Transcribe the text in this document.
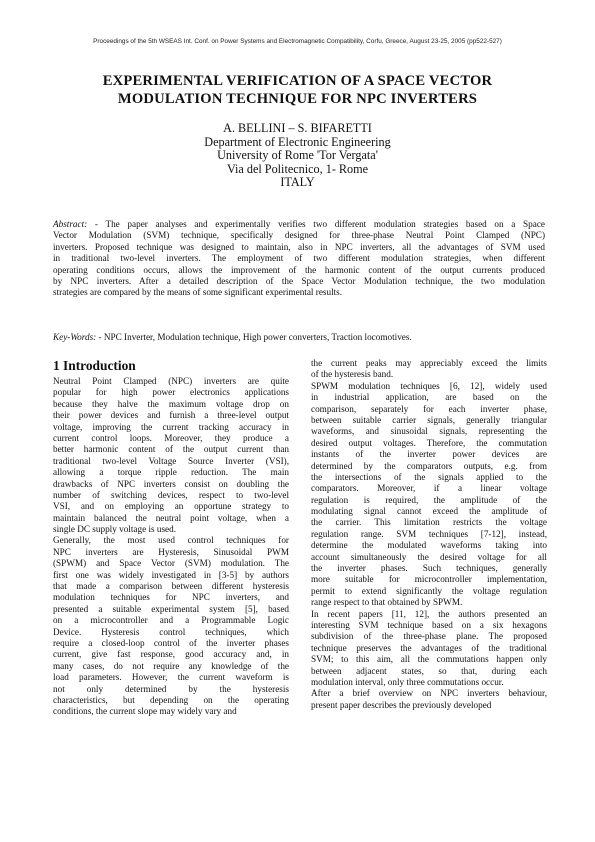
Proceedings of the 5th WSEAS Int. Conf. on Power Systems and Electromagnetic Compatibility, Corfu, Greece, August 23-25, 2005 (pp522-527)
EXPERIMENTAL VERIFICATION OF A SPACE VECTOR
MODULATION TECHNIQUE FOR NPC INVERTERS
A. BELLINI – S. BIFARETTI
Department of Electronic Engineering
University of Rome 'Tor Vergata'
Via del Politecnico, 1- Rome
ITALY
Abstract: - The paper analyses and experimentally verifies two different modulation strategies based on a Space
Vector Modulation (SVM) technique, specifically designed for three-phase Neutral Point Clamped (NPC)
inverters. Proposed technique was designed to maintain, also in NPC inverters, all the advantages of SVM used
in traditional two-level inverters. The employment of two different modulation strategies, when different
operating conditions occurs, allows the improvement of the harmonic content of the output currents produced
by NPC inverters. After a detailed description of the Space Vector Modulation technique, the two modulation
strategies are compared by the means of some significant experimental results.
Key-Words: - NPC Inverter, Modulation technique, High power converters, Traction locomotives.
1 Introduction
Neutral Point Clamped (NPC) inverters are quite
popular for high power electronics applications
because they halve the maximum voltage drop on
their power devices and furnish a three-level output
voltage, improving the current tracking accuracy in
current control loops. Moreover, they produce a
better harmonic content of the output current than
traditional two-level Voltage Source Inverter (VSI),
allowing a torque ripple reduction. The main
drawbacks of NPC inverters consist on doubling the
number of switching devices, respect to two-level
VSI, and on employing an opportune strategy to
maintain balanced the neutral point voltage, when a
single DC supply voltage is used.
Generally, the most used control techniques for
NPC inverters are Hysteresis, Sinusoidal PWM
(SPWM) and Space Vector (SVM) modulation. The
first one was widely investigated in [3-5] by authors
that made a comparison between different hysteresis
modulation techniques for NPC inverters, and
presented a suitable experimental system [5], based
on a microcontroller and a Programmable Logic
Device. Hysteresis control techniques, which
require a closed-loop control of the inverter phases
current, give fast response, good accuracy and, in
many cases, do not require any knowledge of the
load parameters. However, the current waveform is
not only determined by the hysteresis
characteristics, but depending on the operating
conditions, the current slope may widely vary and
the current peaks may appreciably exceed the limits
of the hysteresis band.
SPWM modulation techniques [6, 12], widely used
in industrial application, are based on the
comparison, separately for each inverter phase,
between suitable carrier signals, generally triangular
waveforms, and sinusoidal signals, representing the
desired output voltages. Therefore, the commutation
instants of the inverter power devices are
determined by the comparators outputs, e.g. from
the intersections of the signals applied to the
comparators. Moreover, if a linear voltage
regulation is required, the amplitude of the
modulating signal cannot exceed the amplitude of
the carrier. This limitation restricts the voltage
regulation range. SVM techniques [7-12], instead,
determine the modulated waveforms taking into
account simultaneously the desired voltage for all
the inverter phases. Such techniques, generally
more suitable for microcontroller implementation,
permit to extend significantly the voltage regulation
range respect to that obtained by SPWM.
In recent papers [11, 12], the authors presented an
interesting SVM technique based on a six hexagons
subdivision of the three-phase plane. The proposed
technique preserves the advantages of the traditional
SVM; to this aim, all the commutations happen only
between adjacent states, so that, during each
modulation interval, only three commutations occur.
After a brief overview on NPC inverters behaviour,
present paper describes the previously developed
